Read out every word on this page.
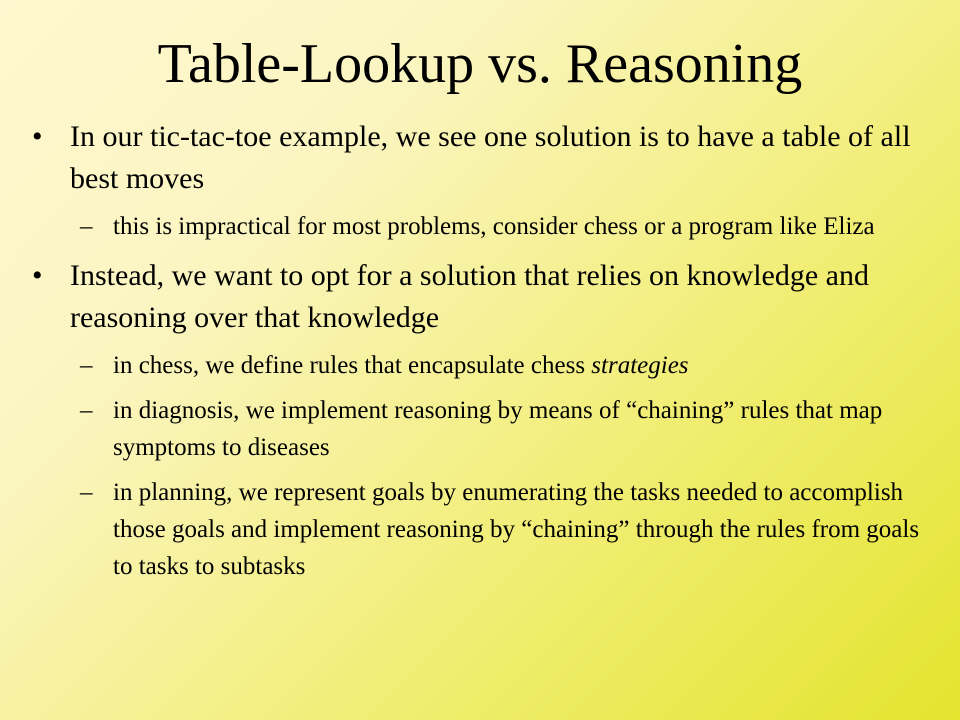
Table-Lookup vs. Reasoning

• In our tic-tac-toe example, we see one solution is to have a table of all best moves

– this is impractical for most problems, consider chess or a program like Eliza

• Instead, we want to opt for a solution that relies on knowledge and reasoning over that knowledge

– in chess, we define rules that encapsulate chess strategies

– in diagnosis, we implement reasoning by means of “chaining” rules that map symptoms to diseases

– in planning, we represent goals by enumerating the tasks needed to accomplish those goals and implement reasoning by “chaining” through the rules from goals to tasks to subtasks
